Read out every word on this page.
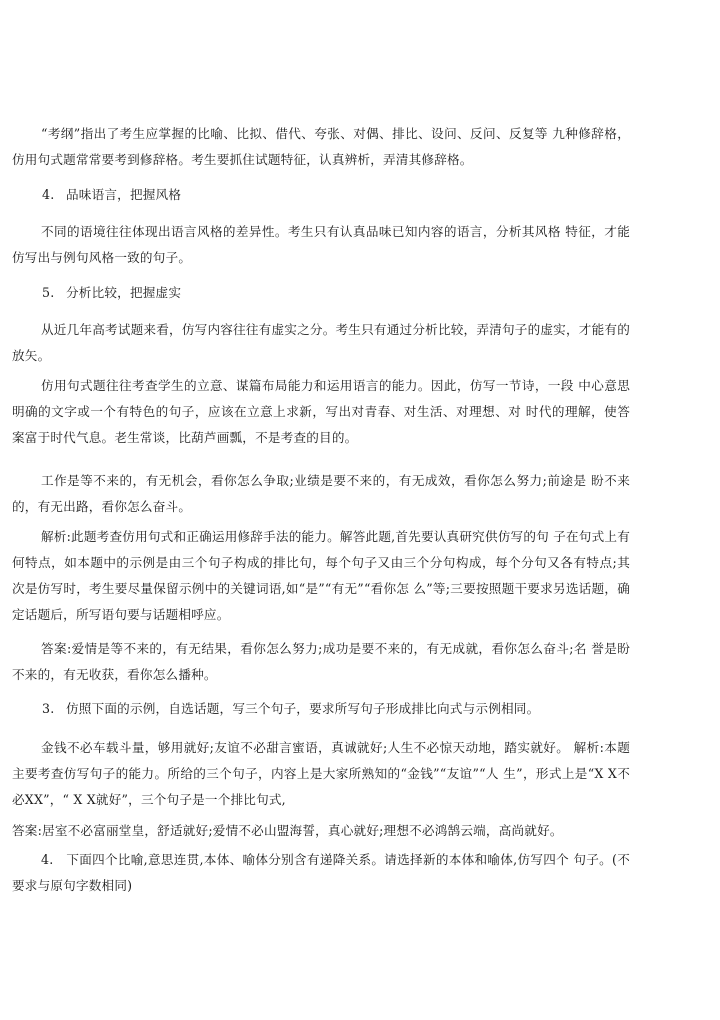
“考纲”指出了考生应掌握的比喻、比拟、借代、夸张、对偶、排比、设问、反问、反复等 九种修辞格，仿用句式题常常要考到修辞格。考生要抓住试题特征，认真辨析，弄清其修辞格。

4. 品味语言，把握风格

不同的语境往往体现出语言风格的差异性。考生只有认真品味已知内容的语言，分析其风格 特征，才能仿写出与例句风格一致的句子。

5. 分析比较，把握虚实

从近几年高考试题来看，仿写内容往往有虚实之分。考生只有通过分析比较，弄清句子的虚实，才能有的放矢。

仿用句式题往往考查学生的立意、谋篇布局能力和运用语言的能力。因此，仿写一节诗，一段 中心意思明确的文字或一个有特色的句子，应该在立意上求新，写出对青春、对生活、对理想、对 时代的理解，使答案富于时代气息。老生常谈，比葫芦画瓢，不是考查的目的。

工作是等不来的，有无机会，看你怎么争取;业绩是要不来的，有无成效，看你怎么努力;前途是 盼不来的，有无出路，看你怎么奋斗。

解析:此题考查仿用句式和正确运用修辞手法的能力。解答此题,首先要认真研究供仿写的句 子在句式上有何特点，如本题中的示例是由三个句子构成的排比句，每个句子又由三个分句构成，每个分句又各有特点;其次是仿写时，考生要尽量保留示例中的关键词语,如“是”“有无”“看你怎 么”等;三要按照题干要求另选话题，确定话题后，所写语句要与话题相呼应。

答案:爱情是等不来的，有无结果，看你怎么努力;成功是要不来的，有无成就，看你怎么奋斗;名 誉是盼不来的，有无收获，看你怎么播种。

3. 仿照下面的示例，自选话题，写三个句子，要求所写句子形成排比向式与示例相同。

金钱不必车载斗量，够用就好;友谊不必甜言蜜语，真诚就好;人生不必惊天动地，踏实就好。 解析:本题主要考查仿写句子的能力。所给的三个句子，内容上是大家所熟知的“金钱”“友谊”“人 生”，形式上是“X X不必XX”，“ X X就好”，三个句子是一个排比句式,

答案:居室不必富丽堂皇，舒适就好;爱情不必山盟海誓，真心就好;理想不必鸿鹄云端，高尚就好。

4. 下面四个比喻,意思连贯,本体、喻体分别含有递降关系。请选择新的本体和喻体,仿写四个 句子。(不要求与原句字数相同)
